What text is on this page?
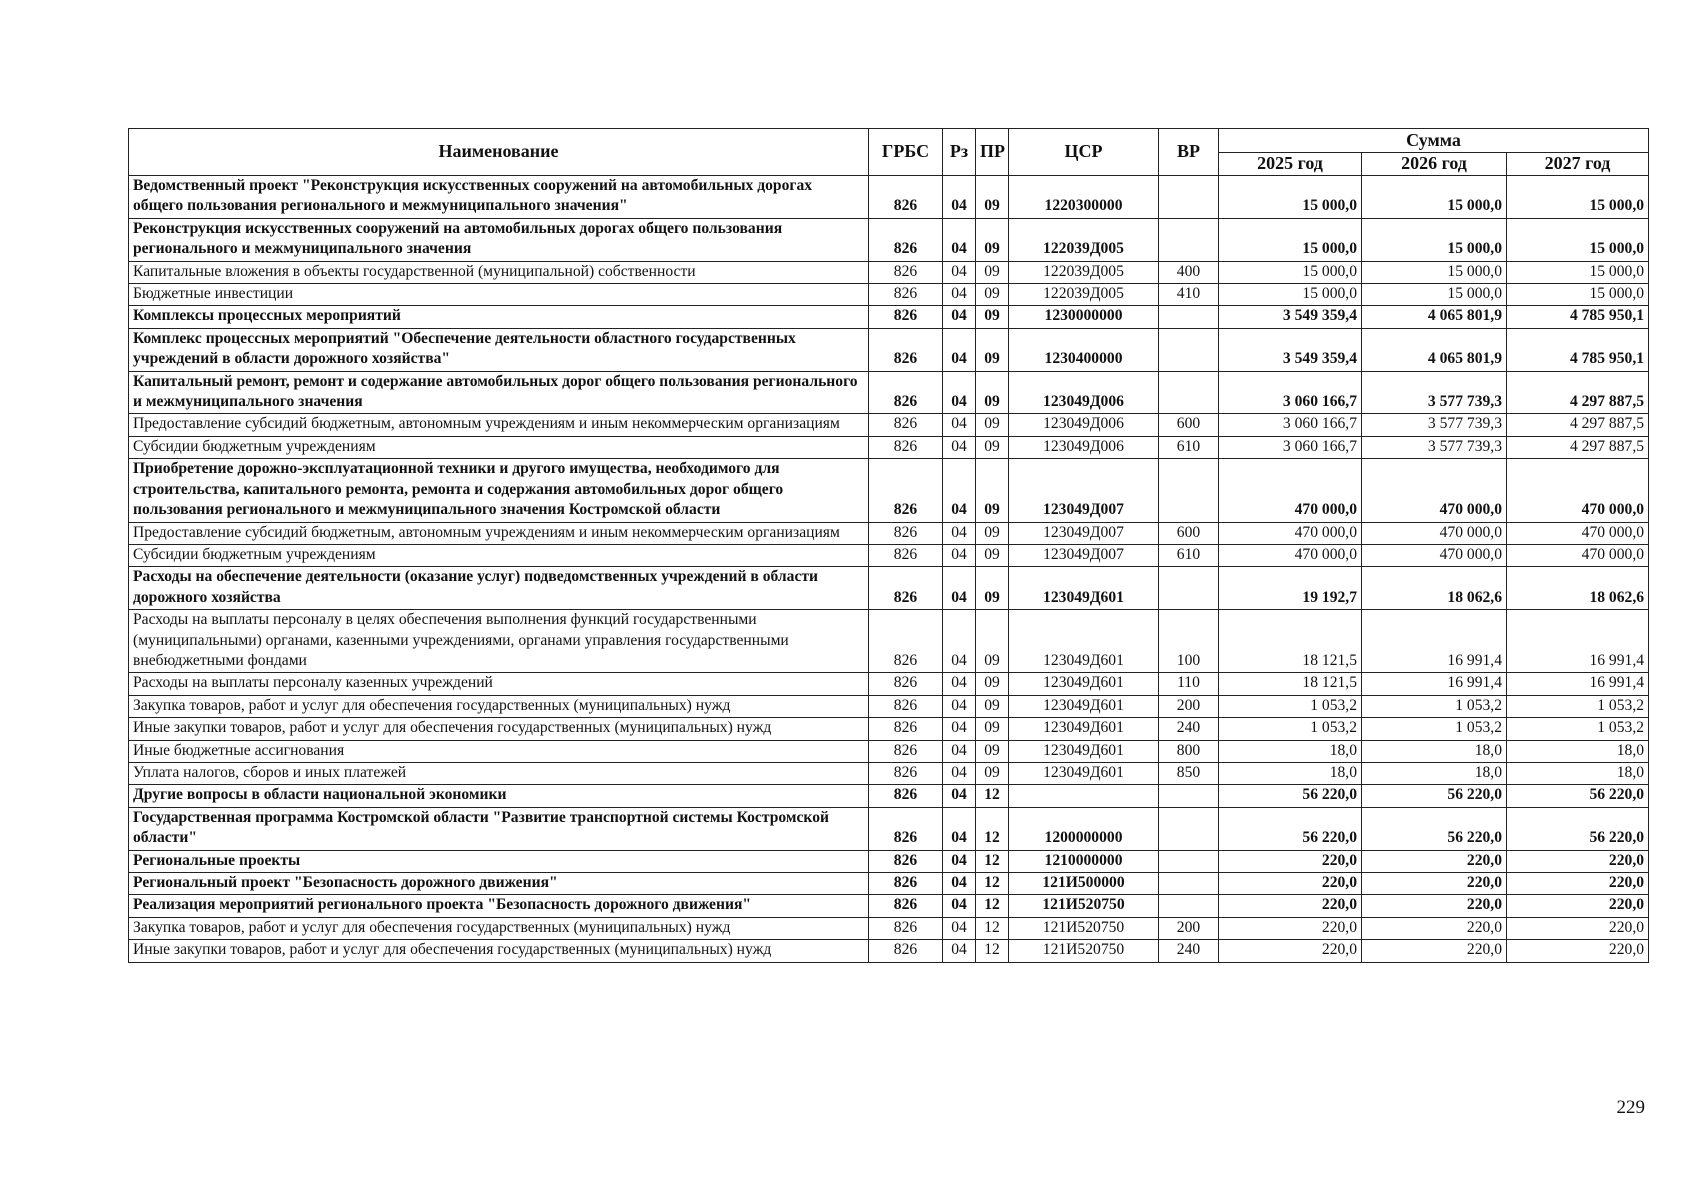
Наименование	ГРБС	Рз	ПР	ЦСР	ВР	Сумма		
						2025 год	2026 год	2027 год
Ведомственный проект "Реконструкция искусственных сооружений на автомобильных дорогах общего пользования регионального и межмуниципального значения"	826	04	09	1220300000		15 000,0	15 000,0	15 000,0
Реконструкция искусственных сооружений на автомобильных дорогах общего пользования регионального и межмуниципального значения	826	04	09	122039Д005		15 000,0	15 000,0	15 000,0
Капитальные вложения в объекты государственной (муниципальной) собственности	826	04	09	122039Д005	400	15 000,0	15 000,0	15 000,0
Бюджетные инвестиции	826	04	09	122039Д005	410	15 000,0	15 000,0	15 000,0
Комплексы процессных мероприятий	826	04	09	1230000000		3 549 359,4	4 065 801,9	4 785 950,1
Комплекс процессных мероприятий "Обеспечение деятельности областного государственных учреждений в области дорожного хозяйства"	826	04	09	1230400000		3 549 359,4	4 065 801,9	4 785 950,1
Капитальный ремонт, ремонт и содержание автомобильных дорог общего пользования регионального и межмуниципального значения	826	04	09	123049Д006		3 060 166,7	3 577 739,3	4 297 887,5
Предоставление субсидий бюджетным, автономным учреждениям и иным некоммерческим организациям	826	04	09	123049Д006	600	3 060 166,7	3 577 739,3	4 297 887,5
Субсидии бюджетным учреждениям	826	04	09	123049Д006	610	3 060 166,7	3 577 739,3	4 297 887,5
Приобретение дорожно-эксплуатационной техники и другого имущества, необходимого для строительства, капитального ремонта, ремонта и содержания автомобильных дорог общего пользования регионального и межмуниципального значения Костромской области	826	04	09	123049Д007		470 000,0	470 000,0	470 000,0
Предоставление субсидий бюджетным, автономным учреждениям и иным некоммерческим организациям	826	04	09	123049Д007	600	470 000,0	470 000,0	470 000,0
Субсидии бюджетным учреждениям	826	04	09	123049Д007	610	470 000,0	470 000,0	470 000,0
Расходы на обеспечение деятельности (оказание услуг) подведомственных учреждений в области дорожного хозяйства	826	04	09	123049Д601		19 192,7	18 062,6	18 062,6
Расходы на выплаты персоналу в целях обеспечения выполнения функций государственными (муниципальными) органами, казенными учреждениями, органами управления государственными внебюджетными фондами	826	04	09	123049Д601	100	18 121,5	16 991,4	16 991,4
Расходы на выплаты персоналу казенных учреждений	826	04	09	123049Д601	110	18 121,5	16 991,4	16 991,4
Закупка товаров, работ и услуг для обеспечения государственных (муниципальных) нужд	826	04	09	123049Д601	200	1 053,2	1 053,2	1 053,2
Иные закупки товаров, работ и услуг для обеспечения государственных (муниципальных) нужд	826	04	09	123049Д601	240	1 053,2	1 053,2	1 053,2
Иные бюджетные ассигнования	826	04	09	123049Д601	800	18,0	18,0	18,0
Уплата налогов, сборов и иных платежей	826	04	09	123049Д601	850	18,0	18,0	18,0
Другие вопросы в области национальной экономики	826	04	12			56 220,0	56 220,0	56 220,0
Государственная программа Костромской области "Развитие транспортной системы Костромской области"	826	04	12	1200000000		56 220,0	56 220,0	56 220,0
Региональные проекты	826	04	12	1210000000		220,0	220,0	220,0
Региональный проект "Безопасность дорожного движения"	826	04	12	121И500000		220,0	220,0	220,0
Реализация мероприятий регионального проекта "Безопасность дорожного движения"	826	04	12	121И520750		220,0	220,0	220,0
Закупка товаров, работ и услуг для обеспечения государственных (муниципальных) нужд	826	04	12	121И520750	200	220,0	220,0	220,0
Иные закупки товаров, работ и услуг для обеспечения государственных (муниципальных) нужд	826	04	12	121И520750	240	220,0	220,0	220,0
229
